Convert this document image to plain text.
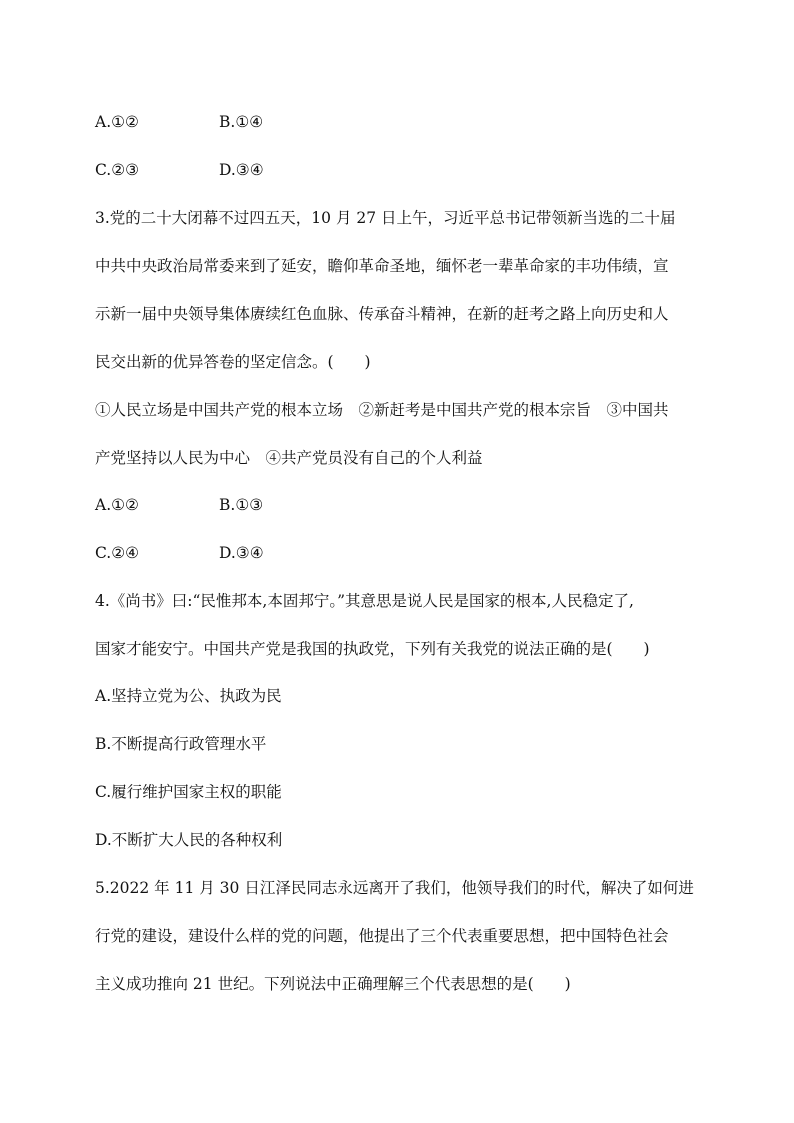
A.①②	B.①④
C.②③	D.③④
3.党的二十大闭幕不过四五天，10 月 27 日上午，习近平总书记带领新当选的二十届
中共中央政治局常委来到了延安，瞻仰革命圣地，缅怀老一辈革命家的丰功伟绩，宣
示新一届中央领导集体赓续红色血脉、传承奋斗精神，在新的赶考之路上向历史和人
民交出新的优异答卷的坚定信念。(　　)
①人民立场是中国共产党的根本立场　②新赶考是中国共产党的根本宗旨　③中国共
产党坚持以人民为中心　④共产党员没有自己的个人利益
A.①②	B.①③
C.②④	D.③④
4.《尚书》曰:“民惟邦本,本固邦宁。”其意思是说人民是国家的根本,人民稳定了,
国家才能安宁。中国共产党是我国的执政党，下列有关我党的说法正确的是(　　)
A.坚持立党为公、执政为民
B.不断提高行政管理水平
C.履行维护国家主权的职能
D.不断扩大人民的各种权利
5.2022 年 11 月 30 日江泽民同志永远离开了我们，他领导我们的时代，解决了如何进
行党的建设，建设什么样的党的问题，他提出了三个代表重要思想，把中国特色社会
主义成功推向 21 世纪。下列说法中正确理解三个代表思想的是(　　)
